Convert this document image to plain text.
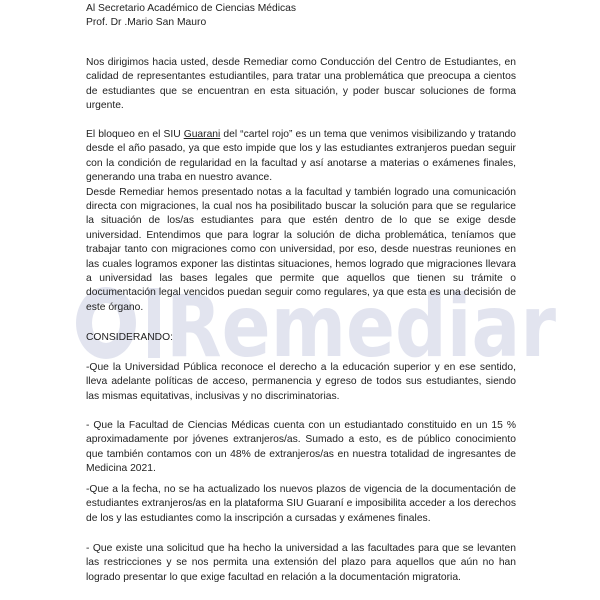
Remediar
Al Secretario Académico de Ciencias Médicas
Prof. Dr .Mario San Mauro

Nos dirigimos hacia usted, desde Remediar como Conducción del Centro de Estudiantes, en calidad de representantes estudiantiles, para tratar una problemática que preocupa a cientos de estudiantes que se encuentran en esta situación, y poder buscar soluciones de forma urgente.

El bloqueo en el SIU Guarani del “cartel rojo” es un tema que venimos visibilizando y tratando desde el año pasado, ya que esto impide que los y las estudiantes extranjeros puedan seguir con la condición de regularidad en la facultad y así anotarse a materias o exámenes finales, generando una traba en nuestro avance.

Desde Remediar hemos presentado notas a la facultad y también logrado una comunicación directa con migraciones, la cual nos ha posibilitado buscar la solución para que se regularice la situación de los/as estudiantes para que estén dentro de lo que se exige desde universidad. Entendimos que para lograr la solución de dicha problemática, teníamos que trabajar tanto con migraciones como con universidad, por eso, desde nuestras reuniones en las cuales logramos exponer las distintas situaciones, hemos logrado que migraciones llevara a universidad las bases legales que permite que aquellos que tienen su trámite o documentación legal vencidos puedan seguir como regulares, ya que esta es una decisión de este órgano.

CONSIDERANDO:

-Que la Universidad Pública reconoce el derecho a la educación superior y en ese sentido, lleva adelante políticas de acceso, permanencia y egreso de todos sus estudiantes, siendo las mismas equitativas, inclusivas y no discriminatorias.

- Que la Facultad de Ciencias Médicas cuenta con un estudiantado constituido en un 15 % aproximadamente por jóvenes extranjeros/as. Sumado a esto, es de público conocimiento que también contamos con un 48% de extranjeros/as en nuestra totalidad de ingresantes de Medicina 2021.

-Que a la fecha, no se ha actualizado los nuevos plazos de vigencia de la documentación de estudiantes extranjeros/as en la plataforma SIU Guaraní e imposibilita acceder a los derechos de los y las estudiantes como la inscripción a cursadas y exámenes finales.

- Que existe una solicitud que ha hecho la universidad a las facultades para que se levanten las restricciones y se nos permita una extensión del plazo para aquellos que aún no han logrado presentar lo que exige facultad en relación a la documentación migratoria.
